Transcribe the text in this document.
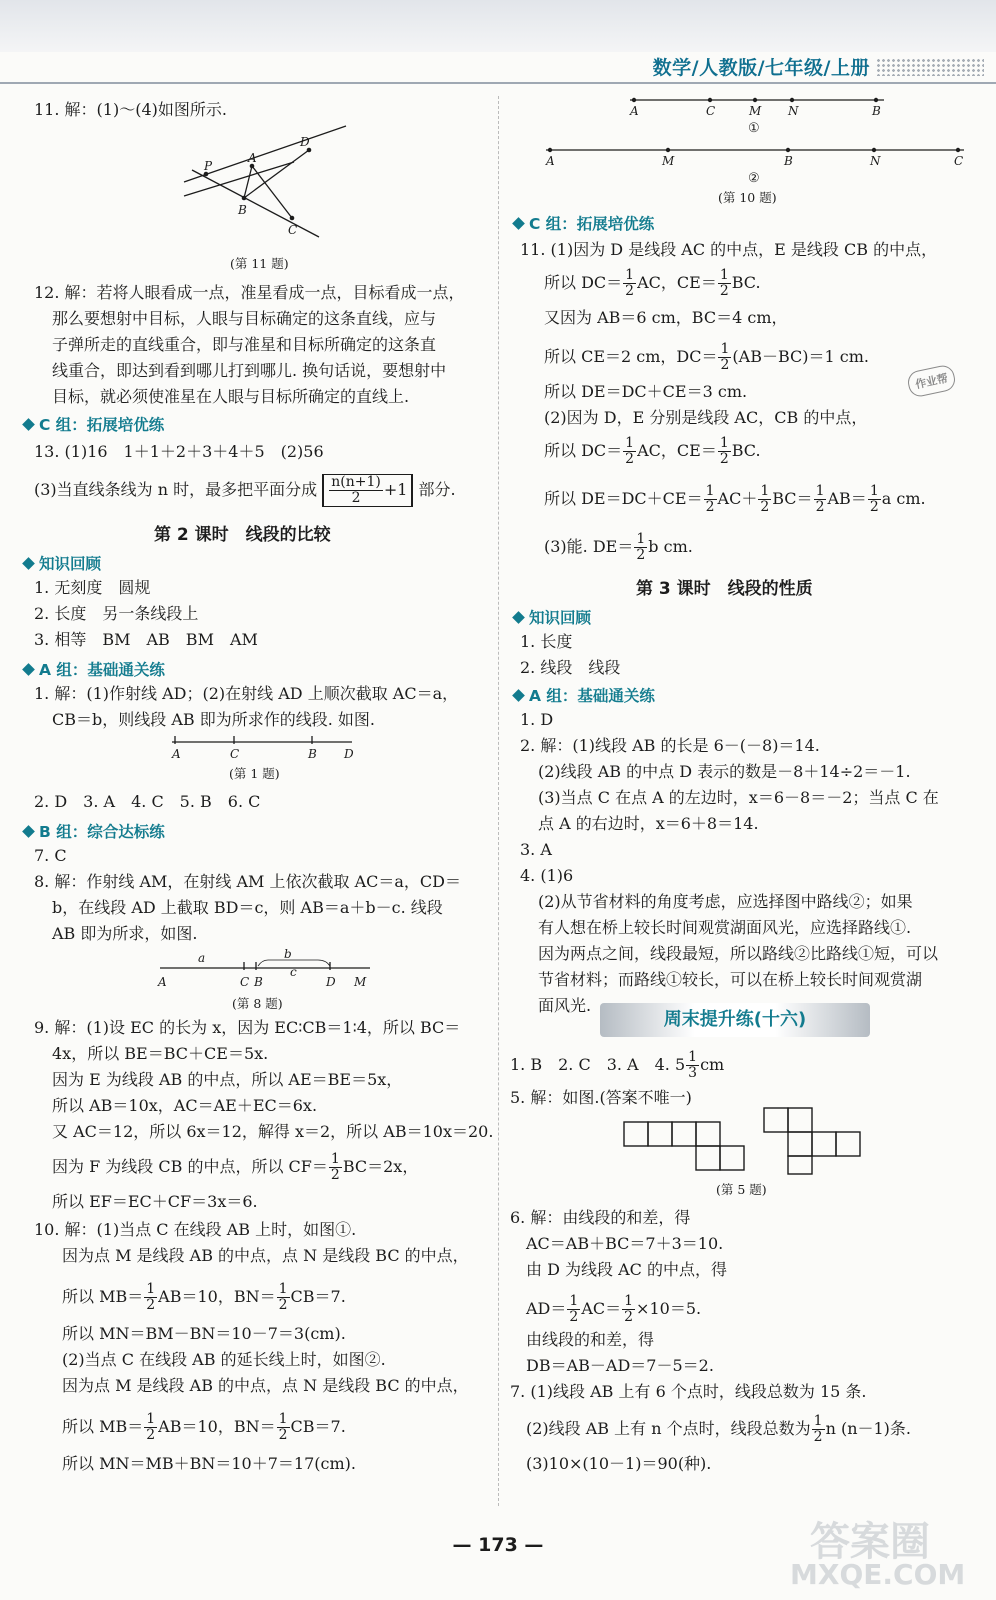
数学/人教版/七年级/上册
11. 解：(1)～(4)如图所示.
P
A
D
B
C
(第 11 题)
12. 解：若将人眼看成一点，准星看成一点，目标看成一点，
那么要想射中目标，人眼与目标确定的这条直线，应与
子弹所走的直线重合，即与准星和目标所确定的这条直
线重合，即达到看到哪儿打到哪儿. 换句话说，要想射中
目标，就必须使准星在人眼与目标所确定的直线上.
C 组：拓展培优练
13. (1)16　1＋1＋2＋3＋4＋5　(2)56
(3)当直线条线为 n 时，最多把平面分成 $\frac{n(n+1)}{2} +1$ 部分.
第 2 课时　线段的比较
知识回顾
1. 无刻度　圆规
2. 长度　另一条线段上
3. 相等　BM　AB　BM　AM
A 组：基础通关练
1. 解：(1)作射线 AD；(2)在射线 AD 上顺次截取 AC＝a，
CB＝b，则线段 AB 即为所求作的线段. 如图.
A	C	B D
(第 1 题)
2. D　3. A　4. C　5. B　6. C
B 组：综合达标练
7. C
8. 解：作射线 AM，在射线 AM 上依次截取 AC＝a，CD＝
b，在线段 AD 上截取 BD＝c，则 AB＝a＋b－c. 线段
AB 即为所求，如图.
a	b
c
A	C B	D M
(第 8 题)
9. 解：(1)设 EC 的长为 x，因为 EC∶CB＝1∶4，所以 BC＝
4x，所以 BE＝BC＋CE＝5x.
因为 E 为线段 AB 的中点，所以 AE＝BE＝5x，
所以 AB＝10x，AC＝AE＋EC＝6x.
又 AC＝12，所以 6x＝12，解得 x＝2，所以 AB＝10x＝20.
因为 F 为线段 CB 的中点，所以 $CF= \frac{1}{2} BC=2x$，
所以 EF＝EC＋CF＝3x＝6.
10. 解：(1)当点 C 在线段 AB 上时，如图①.
因为点 M 是线段 AB 的中点，点 N 是线段 BC 的中点，
所以 $MB= \frac{1}{2} AB=10$，$BN= \frac{1}{2} CB=7$.
所以 MN＝BM－BN＝10－7＝3(cm).
(2)当点 C 在线段 AB 的延长线上时，如图②.
因为点 M 是线段 AB 的中点，点 N 是线段 BC 的中点，
所以 $MB= \frac{1}{2} AB=10$，$BN= \frac{1}{2} CB=7$.
所以 MN＝MB＋BN＝10＋7＝17(cm).
A	C	M N	B
①
A	M	B	N	C
②
(第 10 题)
C 组：拓展培优练
11. (1)因为 D 是线段 AC 的中点，E 是线段 CB 的中点，
所以 $DC= \frac{1}{2}$ AC，$CE= \frac{1}{2}$ BC.
又因为 AB＝6 cm，BC＝4 cm，
所以 CE＝2 cm，$DC= \frac{1}{2} (AB-BC)=1$ cm.
所以 DE＝DC＋CE＝3 cm.
(2)因为 D，E 分别是线段 AC，CB 的中点，
所以 $DC= \frac{1}{2}$ AC，$CE= \frac{1}{2}$ BC.
所以 $DE=DC+CE= \frac{1}{2} AC+ \frac{1}{2} BC= \frac{1}{2} AB= \frac{1}{2}$ a cm.
(3)能. $DE= \frac{1}{2}$ b cm.
第 3 课时　线段的性质
知识回顾
1. 长度
2. 线段　线段
A 组：基础通关练
1. D
2. 解：(1)线段 AB 的长是 6－(－8)＝14.
(2)线段 AB 的中点 D 表示的数是－8＋14÷2＝－1.
(3)当点 C 在点 A 的左边时，x＝6－8＝－2；当点 C 在
点 A 的右边时，x＝6＋8＝14.
3. A
4. (1)6
(2)从节省材料的角度考虑，应选择图中路线②；如果
有人想在桥上较长时间观赏湖面风光，应选择路线①.
因为两点之间，线段最短，所以路线②比路线①短，可以
节省材料；而路线①较长，可以在桥上较长时间观赏湖
面风光.
1. B　2. C　3. A　4. $5 \frac{1}{3}$ cm
5. 解：如图.(答案不唯一)
(第 5 题)
6. 解：由线段的和差，得
AC＝AB＋BC＝7＋3＝10.
由 D 为线段 AC 的中点，得
$AD= \frac{1}{2} AC= \frac{1}{2} \times 10=5$.
由线段的和差，得
DB＝AB－AD＝7－5＝2.
7. (1)线段 AB 上有 6 个点时，线段总数为 15 条.
(2)线段 AB 上有 n 个点时，线段总数为 $\frac{1}{2}$ n (n－1)条.
(3)10×(10－1)＝90(种).
周末提升练(十六)
— 173 —	答案圈
MXQE.COM
作业帮
